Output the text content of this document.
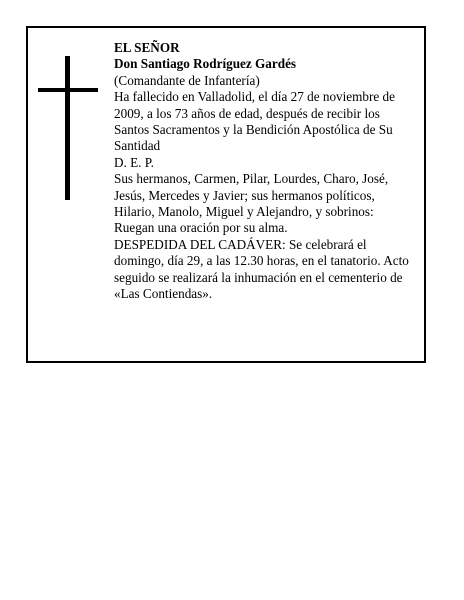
EL SEÑOR

Don Santiago Rodríguez Gardés

(Comandante de Infantería)

Ha fallecido en Valladolid, el día 27 de noviembre de 2009, a los 73 años de edad, después de recibir los Santos Sacramentos y la Bendición Apostólica de Su Santidad

D. E. P.

Sus hermanos, Carmen, Pilar, Lourdes, Charo, José, Jesús, Mercedes y Javier; sus hermanos políticos, Hilario, Manolo, Miguel y Alejandro, y sobrinos:

Ruegan una oración por su alma.

DESPEDIDA DEL CADÁVER: Se celebrará el domingo, día 29, a las 12.30 horas, en el tanatorio. Acto seguido se realizará la inhumación en el cementerio de «Las Contiendas».
